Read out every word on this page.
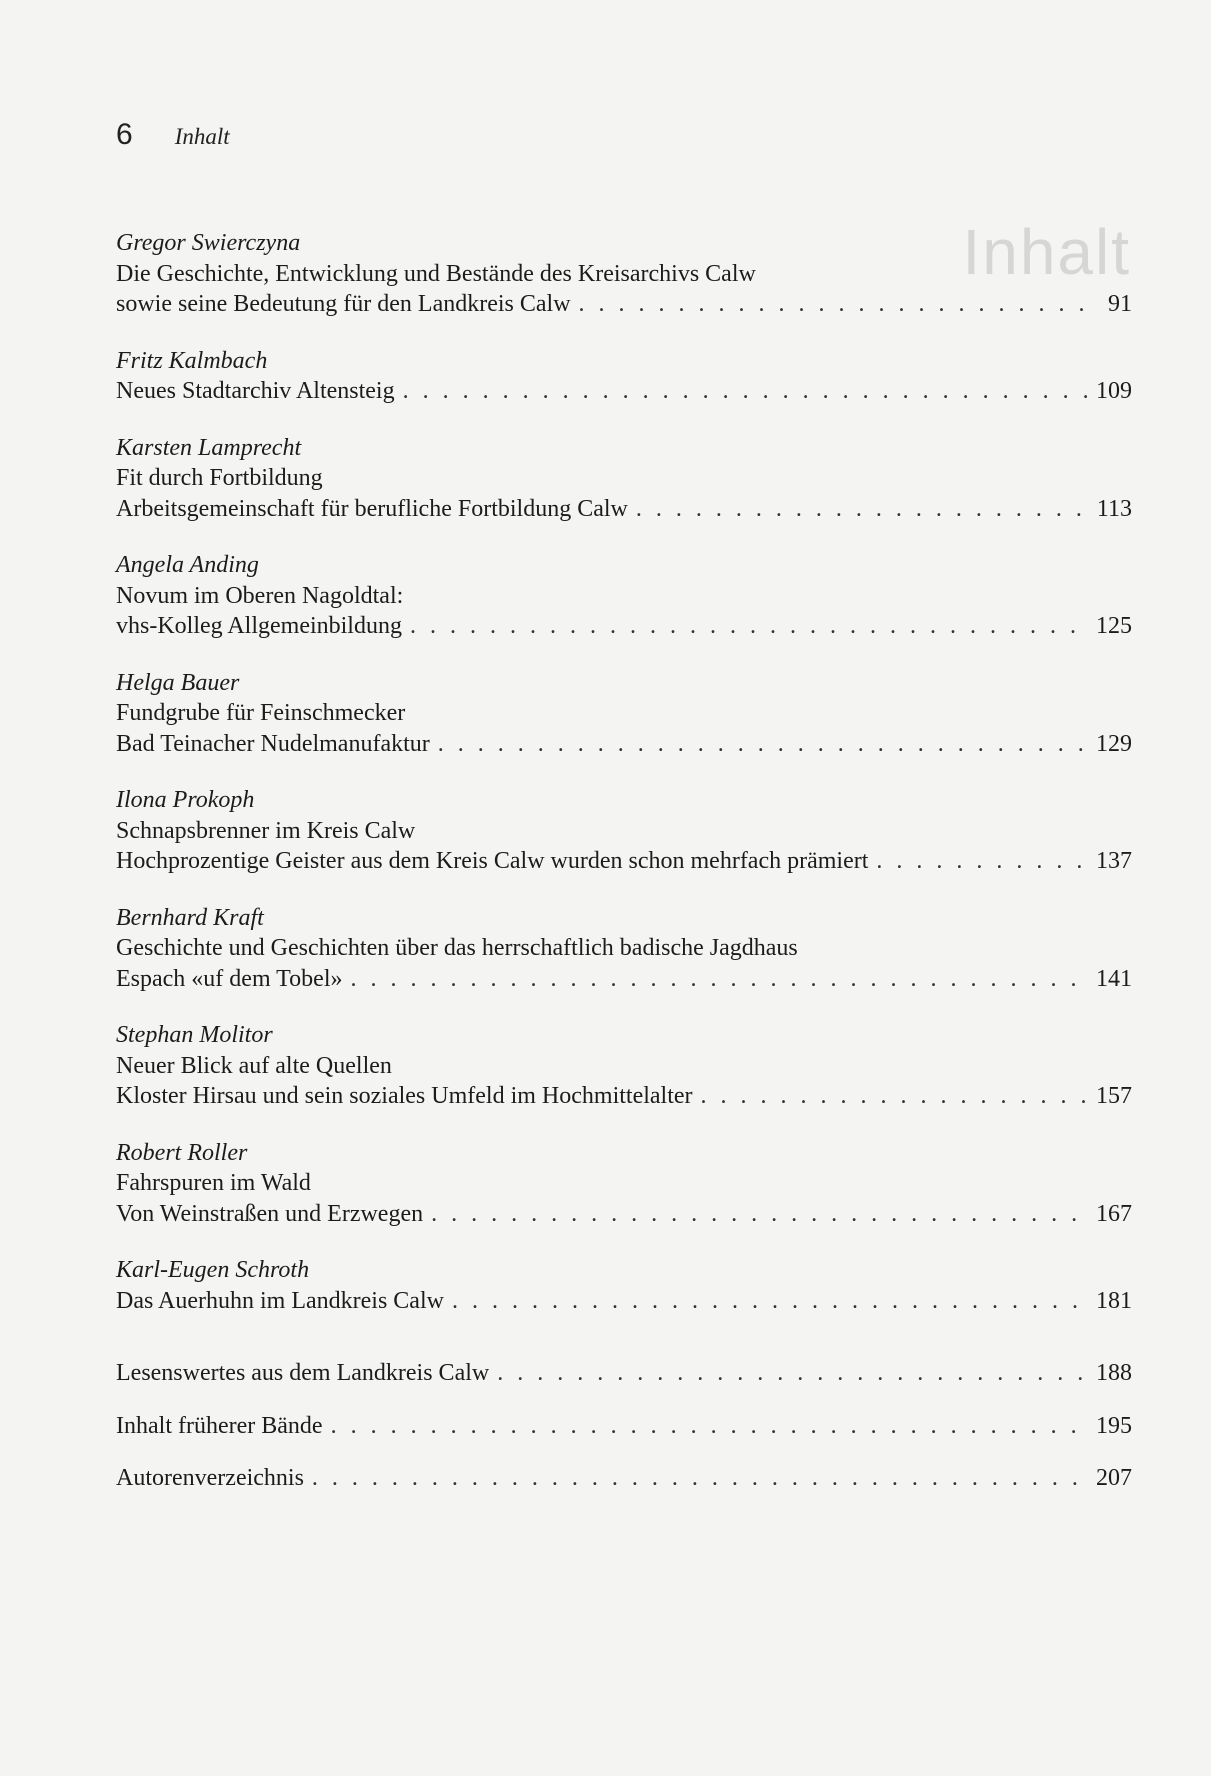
Inhalt
6 Inhalt
Gregor Swierczyna
Die Geschichte, Entwicklung und Bestände des Kreisarchivs Calw
sowie seine Bedeutung für den Landkreis Calw . . .	91
Fritz Kalmbach
Neues Stadtarchiv Altensteig . . .	109
Karsten Lamprecht
Fit durch Fortbildung
Arbeitsgemeinschaft für berufliche Fortbildung Calw . . .	113
Angela Anding
Novum im Oberen Nagoldtal:
vhs-Kolleg Allgemeinbildung . . .	125
Helga Bauer
Fundgrube für Feinschmecker
Bad Teinacher Nudelmanufaktur . . .	129
Ilona Prokoph
Schnapsbrenner im Kreis Calw
Hochprozentige Geister aus dem Kreis Calw wurden schon mehrfach prämiert . . .	137
Bernhard Kraft
Geschichte und Geschichten über das herrschaftlich badische Jagdhaus
Espach «uf dem Tobel» . . .	141
Stephan Molitor
Neuer Blick auf alte Quellen
Kloster Hirsau und sein soziales Umfeld im Hochmittelalter . . .	157
Robert Roller
Fahrspuren im Wald
Von Weinstraßen und Erzwegen . . .	167
Karl-Eugen Schroth
Das Auerhuhn im Landkreis Calw . . .	181
Lesenswertes aus dem Landkreis Calw . . .	188
Inhalt früherer Bände . . .	195
Autorenverzeichnis . . .	207
